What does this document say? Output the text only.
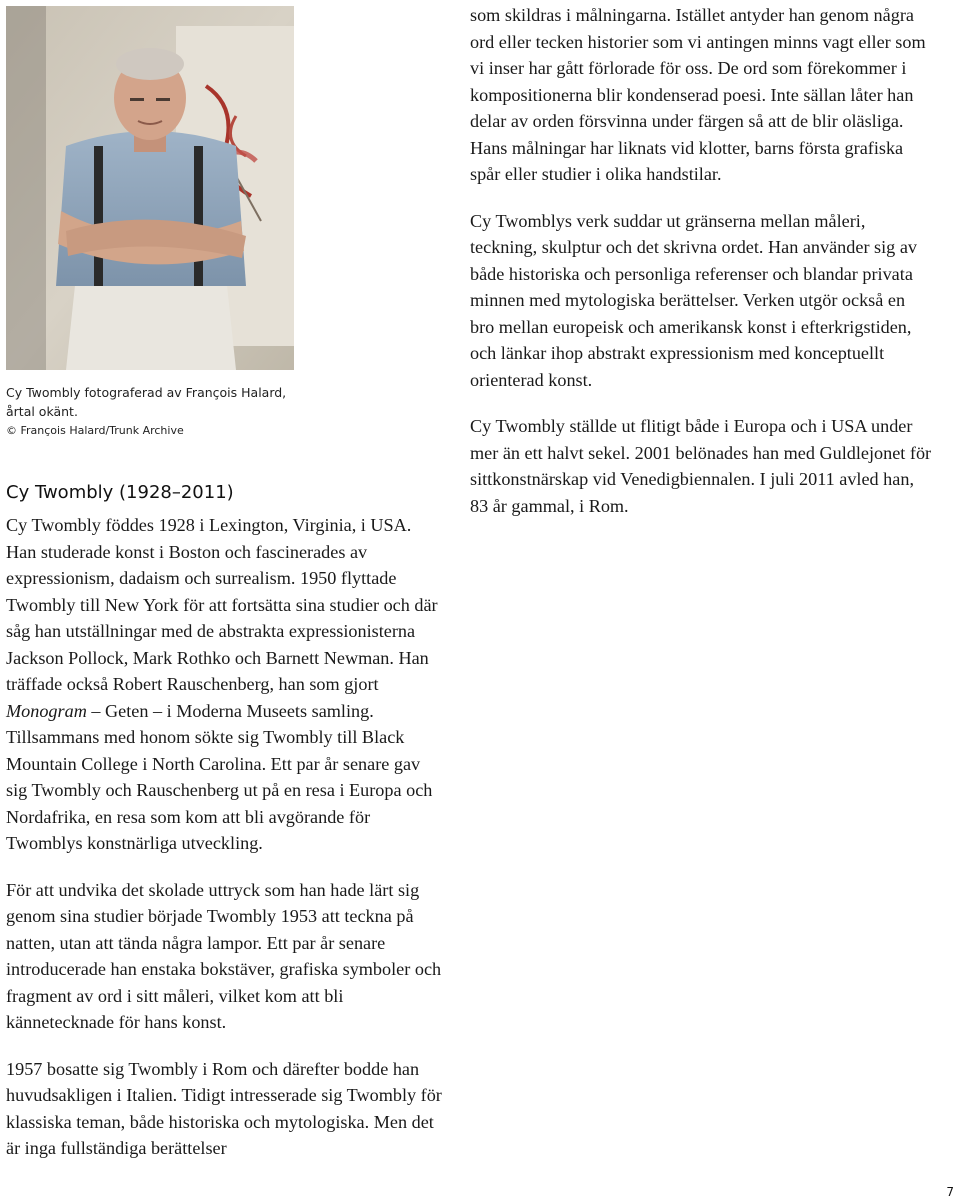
Cy Twombly fotograferad av François Halard,
årtal okänt.
© François Halard/Trunk Archive
Cy Twombly (1928–2011)

Cy Twombly föddes 1928 i Lexington, Virginia, i USA. Han studerade konst i Boston och fascinerades av expressionism, dadaism och surrealism. 1950 flyttade Twombly till New York för att fortsätta sina studier och där såg han utställningar med de abstrakta expressionisterna Jackson Pollock, Mark Rothko och Barnett Newman. Han träffade också Robert Rauschenberg, han som gjort Monogram – Geten – i Moderna Museets samling. Tillsammans med honom sökte sig Twombly till Black Mountain College i North Carolina. Ett par år senare gav sig Twombly och Rauschenberg ut på en resa i Europa och Nordafrika, en resa som kom att bli avgörande för Twomblys konstnärliga utveckling.

För att undvika det skolade uttryck som han hade lärt sig genom sina studier började Twombly 1953 att teckna på natten, utan att tända några lampor. Ett par år senare introducerade han enstaka bokstäver, grafiska symboler och fragment av ord i sitt måleri, vilket kom att bli kännetecknade för hans konst.

1957 bosatte sig Twombly i Rom och därefter bodde han huvudsakligen i Italien. Tidigt intresserade sig Twombly för klassiska teman, både historiska och mytologiska. Men det är inga fullständiga berättelser

som skildras i målningarna. Istället antyder han genom några ord eller tecken historier som vi antingen minns vagt eller som vi inser har gått förlorade för oss. De ord som förekommer i kompositionerna blir kondenserad poesi. Inte sällan låter han delar av orden försvinna under färgen så att de blir oläsliga. Hans målningar har liknats vid klotter, barns första grafiska spår eller studier i olika handstilar.

Cy Twomblys verk suddar ut gränserna mellan måleri, teckning, skulptur och det skrivna ordet. Han använder sig av både historiska och personliga referenser och blandar privata minnen med mytologiska berättelser. Verken utgör också en bro mellan europeisk och amerikansk konst i efterkrigstiden, och länkar ihop abstrakt expressionism med konceptuellt orienterad konst.

Cy Twombly ställde ut flitigt både i Europa och i USA under mer än ett halvt sekel. 2001 belönades han med Guldlejonet för sittkonstnärskap vid Venedigbiennalen. I juli 2011 avled han, 83 år gammal, i Rom.

7
